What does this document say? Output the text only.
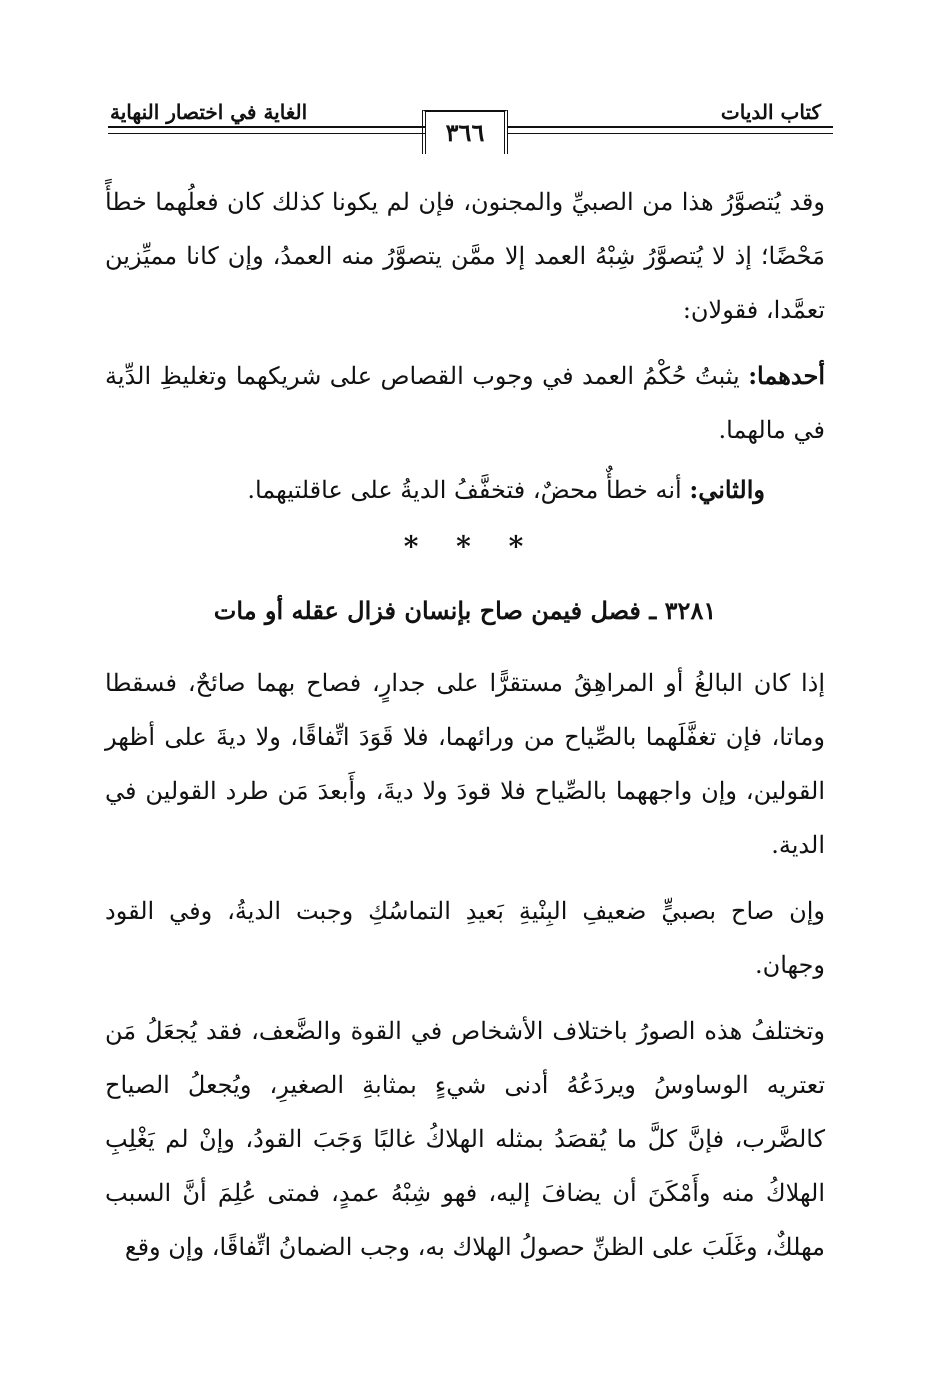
كتاب الديات
الغاية في اختصار النهاية
٣٦٦

وقد يُتصوَّرُ هذا من الصبيِّ والمجنون، فإن لم يكونا كذلك كان فعلُهما خطأً مَحْضًا؛ إذ لا يُتصوَّرُ شِبْهُ العمد إلا ممَّن يتصوَّرُ منه العمدُ، وإن كانا مميِّزين تعمَّدا، فقولان:

أحدهما: يثبتُ حُكْمُ العمد في وجوب القصاص على شريكهما وتغليظِ الدِّية في مالهما.

والثاني: أنه خطأٌ محضٌ، فتخفَّفُ الديةُ على عاقلتيهما.

* * *
٣٢٨١ ـ فصل فيمن صاح بإنسان فزال عقله أو مات

إذا كان البالغُ أو المراهِقُ مستقرًّا على جدارٍ، فصاح بهما صائحٌ، فسقطا وماتا، فإن تغفَّلَهما بالصِّياح من ورائهما، فلا قَوَدَ اتِّفاقًا، ولا ديةَ على أظهر القولين، وإن واجههما بالصِّياح فلا قودَ ولا ديةَ، وأَبعدَ مَن طرد القولين في الدية.

وإن صاح بصبيٍّ ضعيفِ البِنْيةِ بَعيدِ التماسُكِ وجبت الديةُ، وفي القود وجهان.

وتختلفُ هذه الصورُ باختلاف الأشخاص في القوة والضَّعف، فقد يُجعَلُ مَن تعتريه الوساوسُ ويردَعُهُ أدنى شيءٍ بمثابةِ الصغيرِ، ويُجعلُ الصياح كالضَّرب، فإنَّ كلَّ ما يُقصَدُ بمثله الهلاكُ غالبًا وَجَبَ القودُ، وإنْ لم يَغْلِبِ الهلاكُ منه وأَمْكَنَ أن يضافَ إليه، فهو شِبْهُ عمدٍ، فمتى عُلِمَ أنَّ السبب مهلكٌ، وغَلَبَ على الظنِّ حصولُ الهلاك به، وجب الضمانُ اتِّفاقًا، وإن وقع
